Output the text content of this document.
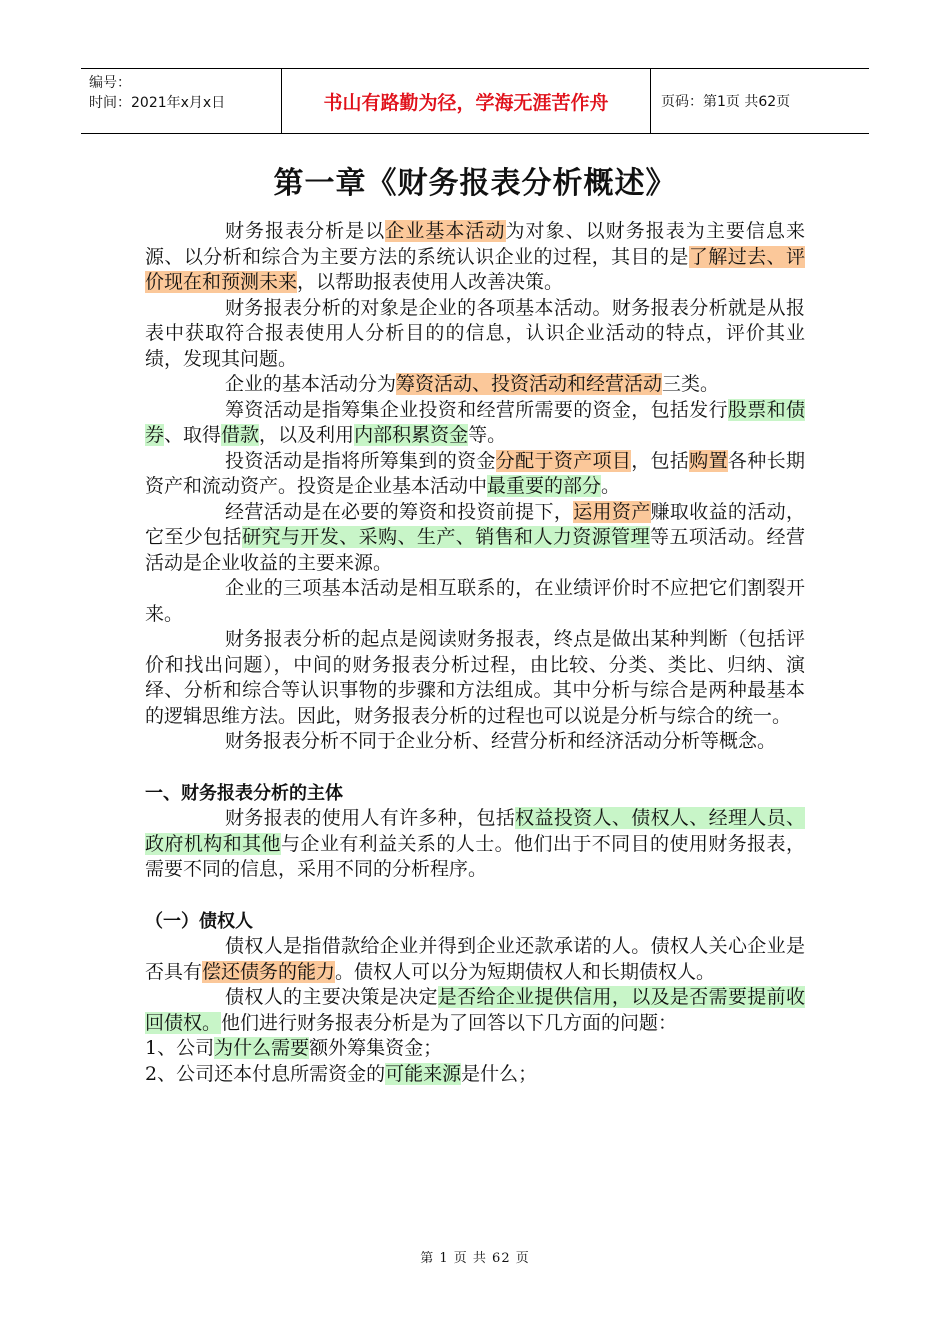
编号：
时间：2021年x月x日	书山有路勤为径，学海无涯苦作舟	页码：第1页 共62页
第一章《财务报表分析概述》

财务报表分析是以企业基本活动为对象、以财务报表为主要信息来源、以分析和综合为主要方法的系统认识企业的过程，其目的是了解过去、评价现在和预测未来，以帮助报表使用人改善决策。

财务报表分析的对象是企业的各项基本活动。财务报表分析就是从报表中获取符合报表使用人分析目的的信息，认识企业活动的特点，评价其业绩，发现其问题。

企业的基本活动分为筹资活动、投资活动和经营活动三类。

筹资活动是指筹集企业投资和经营所需要的资金，包括发行股票和债券、取得借款，以及利用内部积累资金等。

投资活动是指将所筹集到的资金分配于资产项目，包括购置各种长期资产和流动资产。投资是企业基本活动中最重要的部分。

经营活动是在必要的筹资和投资前提下，运用资产赚取收益的活动，它至少包括研究与开发、采购、生产、销售和人力资源管理等五项活动。经营活动是企业收益的主要来源。

企业的三项基本活动是相互联系的，在业绩评价时不应把它们割裂开来。

财务报表分析的起点是阅读财务报表，终点是做出某种判断（包括评价和找出问题），中间的财务报表分析过程，由比较、分类、类比、归纳、演绎、分析和综合等认识事物的步骤和方法组成。其中分析与综合是两种最基本的逻辑思维方法。因此，财务报表分析的过程也可以说是分析与综合的统一。

财务报表分析不同于企业分析、经营分析和经济活动分析等概念。

一、财务报表分析的主体

财务报表的使用人有许多种，包括权益投资人、债权人、经理人员、政府机构和其他与企业有利益关系的人士。他们出于不同目的使用财务报表，需要不同的信息，采用不同的分析程序。

（一）债权人

债权人是指借款给企业并得到企业还款承诺的人。债权人关心企业是否具有偿还债务的能力。债权人可以分为短期债权人和长期债权人。

债权人的主要决策是决定是否给企业提供信用，以及是否需要提前收回债权。他们进行财务报表分析是为了回答以下几方面的问题：

1、公司为什么需要额外筹集资金；

2、公司还本付息所需资金的可能来源是什么；

第 1 页 共 62 页
